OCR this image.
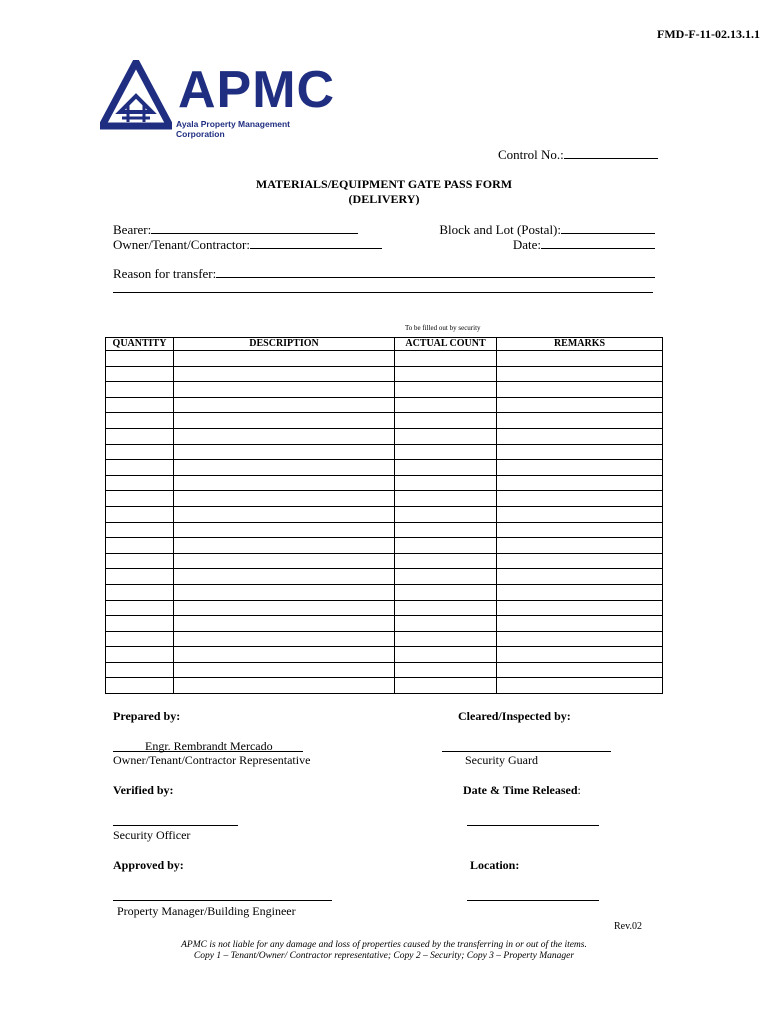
FMD-F-11-02.13.1.1
APMC
Ayala Property Management Corporation
Control No.:
MATERIALS/EQUIPMENT GATE PASS FORM
(DELIVERY)
Bearer:
Owner/Tenant/Contractor:
Block and Lot (Postal):
Date:
Reason for transfer:
To be filled out by security
QUANTITY	DESCRIPTION	ACTUAL COUNT	REMARKS

Prepared by:	Cleared/Inspected by:
Engr. Rembrandt Mercado
Owner/Tenant/Contractor Representative	Security Guard
Verified by:	Date & Time Released:
Security Officer
Approved by:	Location:
Property Manager/Building Engineer
Rev.02
APMC is not liable for any damage and loss of properties caused by the transferring in or out of the items.
Copy 1 – Tenant/Owner/ Contractor representative; Copy 2 – Security; Copy 3 – Property Manager
